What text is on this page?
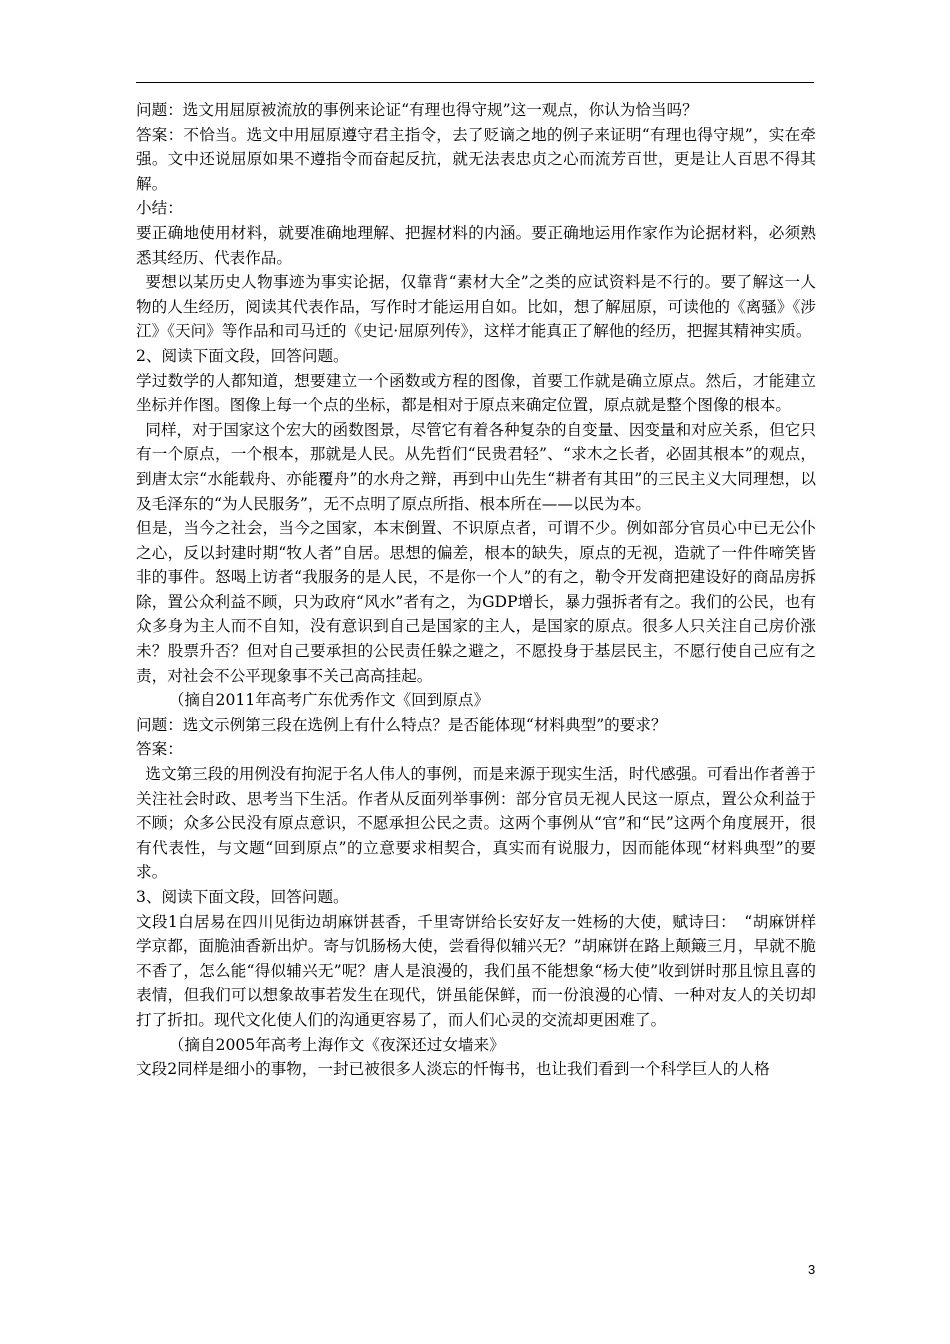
问题：选文用屈原被流放的事例来论证“有理也得守规”这一观点，你认为恰当吗？

答案：不恰当。选文中用屈原遵守君主指令，去了贬谪之地的例子来证明“有理也得守规”，实在牵强。文中还说屈原如果不遵指令而奋起反抗，就无法表忠贞之心而流芳百世，更是让人百思不得其解。

小结：

要正确地使用材料，就要准确地理解、把握材料的内涵。要正确地运用作家作为论据材料，必须熟悉其经历、代表作品。

要想以某历史人物事迹为事实论据，仅靠背“素材大全”之类的应试资料是不行的。要了解这一人物的人生经历，阅读其代表作品，写作时才能运用自如。比如，想了解屈原，可读他的《离骚》《涉江》《天问》等作品和司马迁的《史记·屈原列传》，这样才能真正了解他的经历，把握其精神实质。

2、阅读下面文段，回答问题。

学过数学的人都知道，想要建立一个函数或方程的图像，首要工作就是确立原点。然后，才能建立坐标并作图。图像上每一个点的坐标，都是相对于原点来确定位置，原点就是整个图像的根本。

同样，对于国家这个宏大的函数图景，尽管它有着各种复杂的自变量、因变量和对应关系，但它只有一个原点，一个根本，那就是人民。从先哲们“民贵君轻”、“求木之长者，必固其根本”的观点，到唐太宗“水能载舟、亦能覆舟”的水舟之辩，再到中山先生“耕者有其田”的三民主义大同理想，以及毛泽东的“为人民服务”，无不点明了原点所指、根本所在——以民为本。

但是，当今之社会，当今之国家，本末倒置、不识原点者，可谓不少。例如部分官员心中已无公仆之心，反以封建时期“牧人者”自居。思想的偏差，根本的缺失，原点的无视，造就了一件件啼笑皆非的事件。怒喝上访者“我服务的是人民，不是你一个人”的有之，勒令开发商把建设好的商品房拆除，置公众利益不顾，只为政府“风水”者有之，为GDP增长，暴力强拆者有之。我们的公民，也有众多身为主人而不自知，没有意识到自己是国家的主人，是国家的原点。很多人只关注自己房价涨未？股票升否？但对自己要承担的公民责任躲之避之，不愿投身于基层民主，不愿行使自己应有之责，对社会不公平现象事不关己高高挂起。

（摘自2011年高考广东优秀作文《回到原点》

问题：选文示例第三段在选例上有什么特点？是否能体现“材料典型”的要求？

答案：

选文第三段的用例没有拘泥于名人伟人的事例，而是来源于现实生活，时代感强。可看出作者善于关注社会时政、思考当下生活。作者从反面列举事例：部分官员无视人民这一原点，置公众利益于不顾；众多公民没有原点意识，不愿承担公民之责。这两个事例从“官”和“民”这两个角度展开，很有代表性，与文题“回到原点”的立意要求相契合，真实而有说服力，因而能体现“材料典型”的要求。

3、阅读下面文段，回答问题。

文段1白居易在四川见街边胡麻饼甚香，千里寄饼给长安好友一姓杨的大使，赋诗曰：　“胡麻饼样学京都，面脆油香新出炉。寄与饥肠杨大使，尝看得似辅兴无？”胡麻饼在路上颠簸三月，早就不脆不香了，怎么能“得似辅兴无”呢？唐人是浪漫的，我们虽不能想象“杨大使”收到饼时那且惊且喜的表情，但我们可以想象故事若发生在现代，饼虽能保鲜，而一份浪漫的心情、一种对友人的关切却打了折扣。现代文化使人们的沟通更容易了，而人们心灵的交流却更困难了。

（摘自2005年高考上海作文《夜深还过女墙来》

文段2同样是细小的事物，一封已被很多人淡忘的忏悔书，也让我们看到一个科学巨人的人格

3
